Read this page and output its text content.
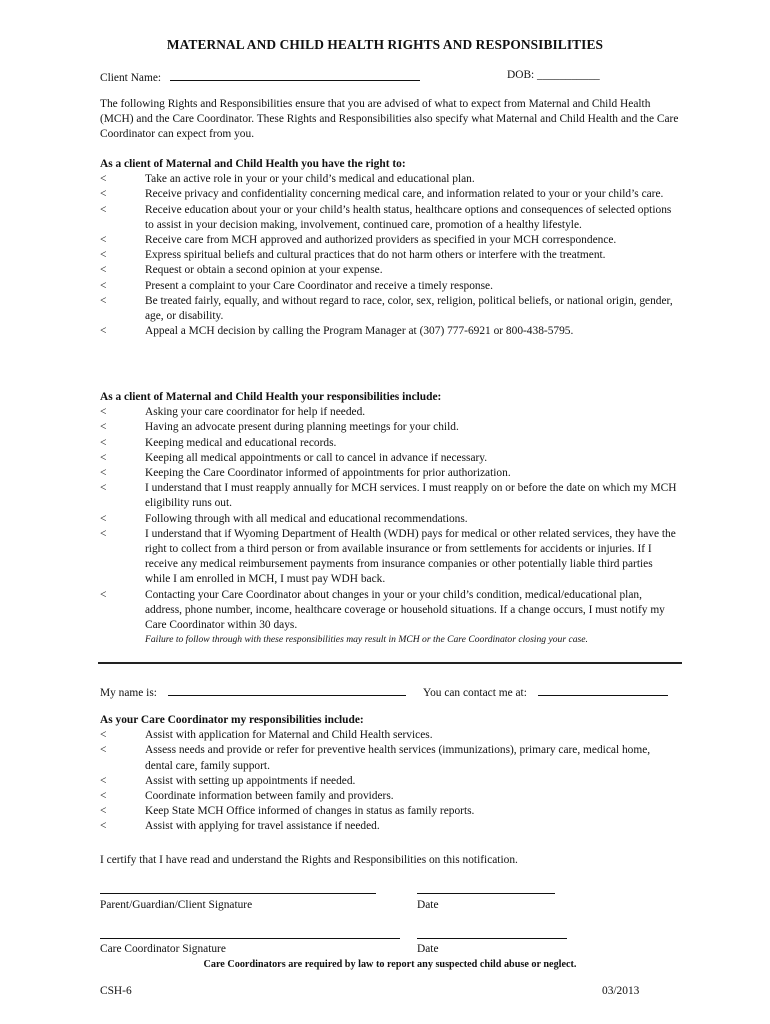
MATERNAL AND CHILD HEALTH RIGHTS AND RESPONSIBILITIES
Client Name:	DOB: ___________
The following Rights and Responsibilities ensure that you are advised of what to expect from Maternal and Child Health (MCH) and the Care Coordinator. These Rights and Responsibilities also specify what Maternal and Child Health and the Care Coordinator can expect from you.
As a client of Maternal and Child Health you have the right to:
<	Take an active role in your or your child’s medical and educational plan.
<	Receive privacy and confidentiality concerning medical care, and information related to your or your child’s care.
<	Receive education about your or your child’s health status, healthcare options and consequences of selected options to assist in your decision making, involvement, continued care, promotion of a healthy lifestyle.
<	Receive care from MCH approved and authorized providers as specified in your MCH correspondence.
<	Express spiritual beliefs and cultural practices that do not harm others or interfere with the treatment.
<	Request or obtain a second opinion at your expense.
<	Present a complaint to your Care Coordinator and receive a timely response.
<	Be treated fairly, equally, and without regard to race, color, sex, religion, political beliefs, or national origin, gender, age, or disability.
<	Appeal a MCH decision by calling the Program Manager at (307) 777-6921 or 800-438-5795.
As a client of Maternal and Child Health your responsibilities include:
<	Asking your care coordinator for help if needed.
<	Having an advocate present during planning meetings for your child.
<	Keeping medical and educational records.
<	Keeping all medical appointments or call to cancel in advance if necessary.
<	Keeping the Care Coordinator informed of appointments for prior authorization.
<	I understand that I must reapply annually for MCH services. I must reapply on or before the date on which my MCH eligibility runs out.
<	Following through with all medical and educational recommendations.
<	I understand that if Wyoming Department of Health (WDH) pays for medical or other related services, they have the right to collect from a third person or from available insurance or from settlements for accidents or injuries. If I receive any medical reimbursement payments from insurance companies or other potentially liable third parties while I am enrolled in MCH, I must pay WDH back.
<	Contacting your Care Coordinator about changes in your or your child’s condition, medical/educational plan, address, phone number, income, healthcare coverage or household situations. If a change occurs, I must notify my Care Coordinator within 30 days.
Failure to follow through with these responsibilities may result in MCH or the Care Coordinator closing your case.
My name is:	You can contact me at:
As your Care Coordinator my responsibilities include:
<	Assist with application for Maternal and Child Health services.
<	Assess needs and provide or refer for preventive health services (immunizations), primary care, medical home, dental care, family support.
<	Assist with setting up appointments if needed.
<	Coordinate information between family and providers.
<	Keep State MCH Office informed of changes in status as family reports.
<	Assist with applying for travel assistance if needed.
I certify that I have read and understand the Rights and Responsibilities on this notification.
Parent/Guardian/Client Signature	Date
Care Coordinator Signature	Date
Care Coordinators are required by law to report any suspected child abuse or neglect.
CSH-6	03/2013
